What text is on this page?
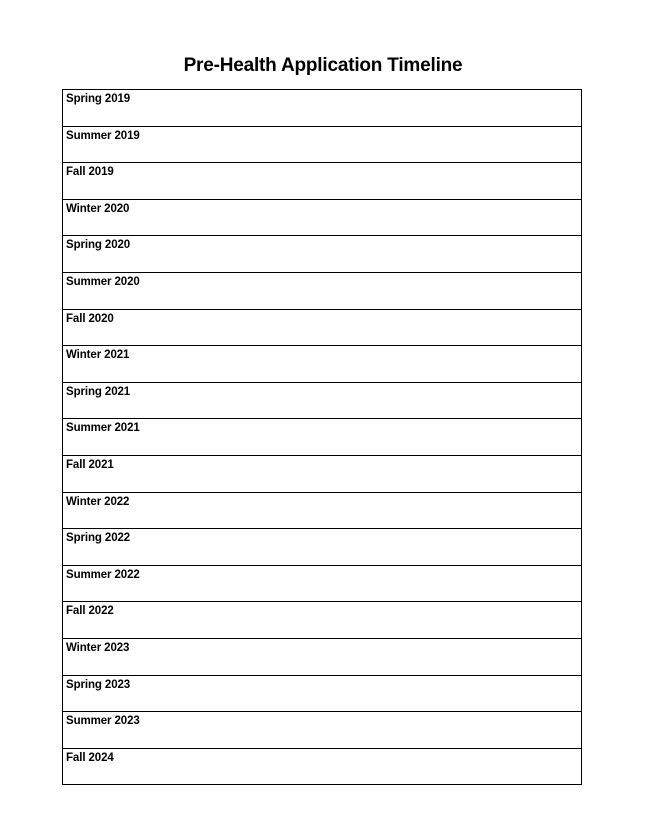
Pre-Health Application Timeline
Spring 2019
Summer 2019
Fall 2019
Winter 2020
Spring 2020
Summer 2020
Fall 2020
Winter 2021
Spring 2021
Summer 2021
Fall 2021
Winter 2022
Spring 2022
Summer 2022
Fall 2022
Winter 2023
Spring 2023
Summer 2023
Fall 2024
